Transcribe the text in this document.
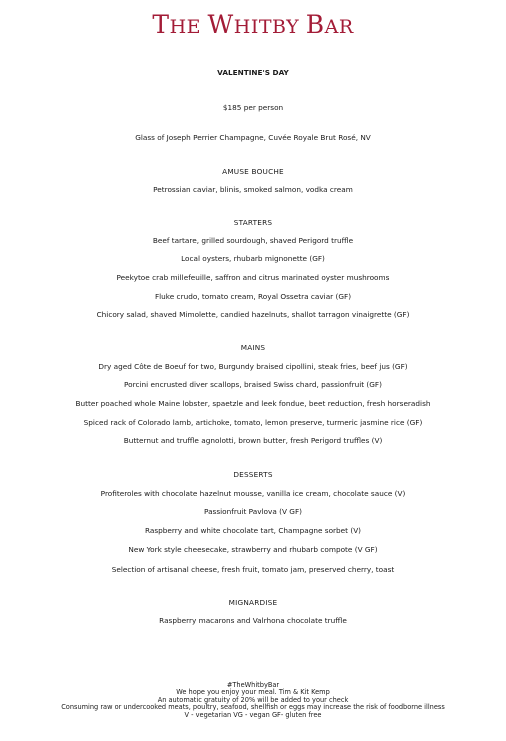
THE WHITBY BAR
VALENTINE'S DAY
$185 per person
Glass of Joseph Perrier Champagne, Cuvée Royale Brut Rosé, NV
AMUSE BOUCHE
Petrossian caviar, blinis, smoked salmon, vodka cream
STARTERS
Beef tartare, grilled sourdough, shaved Perigord truffle
Local oysters, rhubarb mignonette (GF)
Peekytoe crab millefeuille, saffron and citrus marinated oyster mushrooms
Fluke crudo, tomato cream, Royal Ossetra caviar (GF)
Chicory salad, shaved Mimolette, candied hazelnuts, shallot tarragon vinaigrette (GF)
MAINS
Dry aged Côte de Boeuf for two, Burgundy braised cipollini, steak fries, beef jus (GF)
Porcini encrusted diver scallops, braised Swiss chard, passionfruit (GF)
Butter poached whole Maine lobster, spaetzle and leek fondue, beet reduction, fresh horseradish
Spiced rack of Colorado lamb, artichoke, tomato, lemon preserve, turmeric jasmine rice (GF)
Butternut and truffle agnolotti, brown butter, fresh Perigord truffles (V)
DESSERTS
Profiteroles with chocolate hazelnut mousse, vanilla ice cream, chocolate sauce (V)
Passionfruit Pavlova (V GF)
Raspberry and white chocolate tart, Champagne sorbet (V)
New York style cheesecake, strawberry and rhubarb compote (V GF)
Selection of artisanal cheese, fresh fruit, tomato jam, preserved cherry, toast
MIGNARDISE
Raspberry macarons and Valrhona chocolate truffle
#TheWhitbyBar
We hope you enjoy your meal. Tim & Kit Kemp
An automatic gratuity of 20% will be added to your check
Consuming raw or undercooked meats, poultry, seafood, shellfish or eggs may increase the risk of foodborne illness
V - vegetarian VG - vegan GF- gluten free
